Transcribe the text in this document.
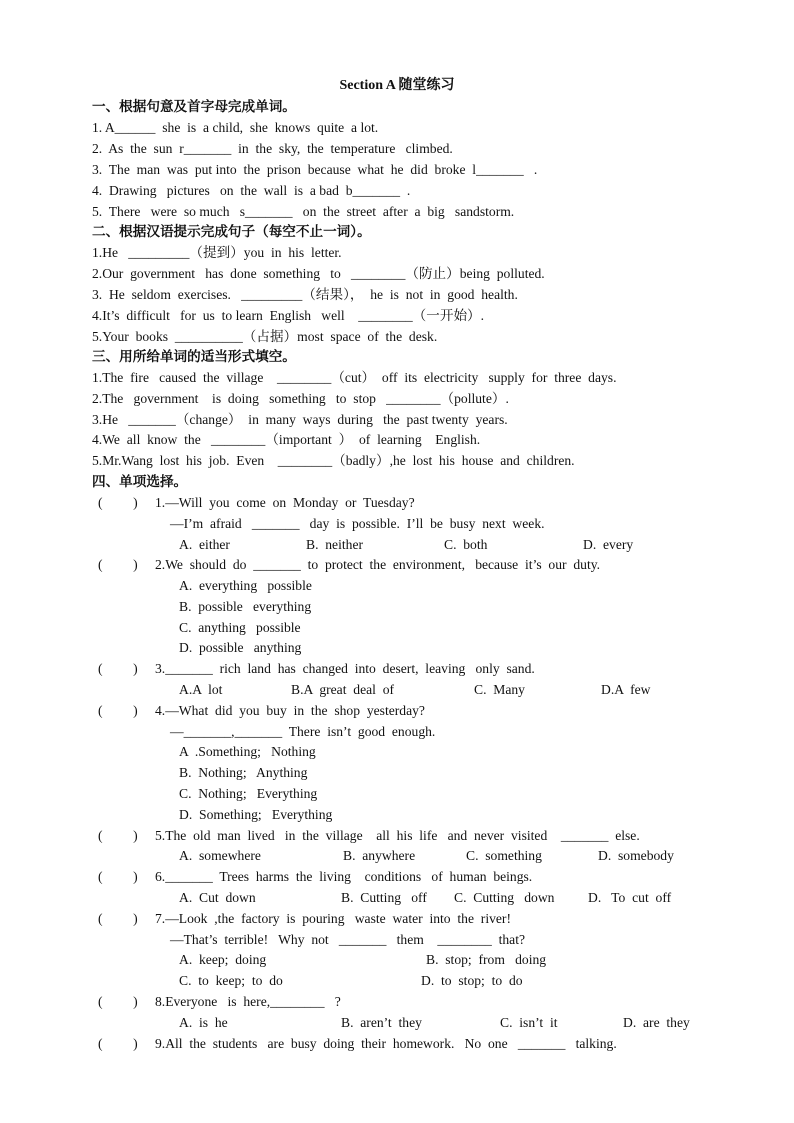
Section A 随堂练习
一、根据句意及首字母完成单词。
1. A______  she  is  a child,  she  knows  quite  a lot.
2.  As  the  sun  r_______  in  the  sky,  the  temperature   climbed.
3.  The  man  was  put into  the  prison  because  what  he  did  broke  l_______   .
4.  Drawing   pictures   on  the  wall  is  a bad  b_______  .
5.  There   were  so much   s_______   on  the  street  after  a  big   sandstorm.
二、根据汉语提示完成句子（每空不止一词）。
1.He   _________（提到）you  in  his  letter.
2.Our  government   has  done  something   to   ________（防止）being  polluted.
3.  He  seldom  exercises.   _________（结果），  he  is  not  in  good  health.
4.It’s  difficult   for  us  to learn  English   well    ________（一开始）.
5.Your  books  __________（占据）most  space  of  the  desk.
三、用所给单词的适当形式填空。
1.The  fire   caused  the  village    ________（cut）  off  its  electricity   supply  for  three  days.
2.The   government    is  doing   something   to  stop   ________（pollute）.
3.He   _______（change）  in  many  ways  during   the  past twenty  years.
4.We  all  know  the   ________（important  ）  of  learning    English.
5.Mr.Wang  lost  his  job.  Even    ________（badly）,he  lost  his  house  and  children.
四、单项选择。
(         ) 1.—Will  you  come  on  Monday  or  Tuesday?
—I’m  afraid   _______   day  is  possible.  I’ll  be  busy  next  week.
A.  either	B.  neither	C.  both	D.  every
(         ) 2.We  should  do  _______  to  protect  the  environment,   because  it’s  our  duty.
A.  everything   possible
B.  possible   everything
C.  anything   possible
D.  possible   anything
(         ) 3._______  rich  land  has  changed  into  desert,  leaving   only  sand.
A.A  lot	B.A  great  deal  of	C.  Many	D.A  few
(         ) 4.—What  did  you  buy  in  the  shop  yesterday?
—_______,_______  There  isn’t  good  enough.
A  .Something;   Nothing
B.  Nothing;   Anything
C.  Nothing;   Everything
D.  Something;   Everything
(         ) 5.The  old  man  lived   in  the  village    all  his  life   and  never  visited    _______  else.
A.  somewhere	B.  anywhere	C.  something	D.  somebody
(         ) 6._______  Trees  harms  the  living    conditions   of  human  beings.
A.  Cut  down	B.  Cutting   off C.  Cutting   down D.   To  cut  off
(         ) 7.—Look  ,the  factory  is  pouring   waste  water  into  the  river!
—That’s  terrible!   Why  not   _______   them    ________  that?
A.  keep;  doing	B.  stop;  from   doing
C.  to  keep;  to  do	D.  to  stop;  to  do
(         ) 8.Everyone   is  here,________   ?
A.  is  he	B.  aren’t  they	C.  isn’t  it	D.  are  they
(         ) 9.All  the  students   are  busy  doing  their  homework.   No  one   _______   talking.
